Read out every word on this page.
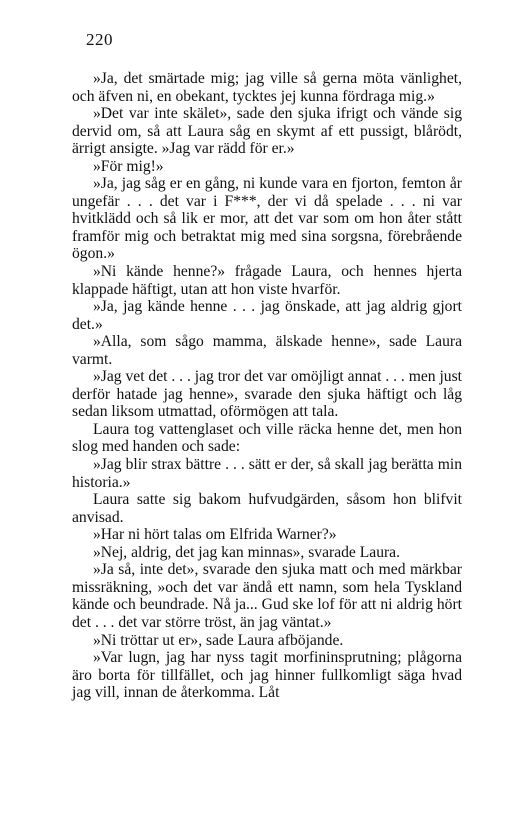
220

»Ja, det smärtade mig; jag ville så gerna möta vänlighet, och äfven ni, en obekant, tycktes jej kunna fördraga mig.»

»Det var inte skälet», sade den sjuka ifrigt och vände sig dervid om, så att Laura såg en skymt af ett pussigt, blårödt, ärrigt ansigte. »Jag var rädd för er.»

»För mig!»

»Ja, jag såg er en gång, ni kunde vara en fjorton, femton år ungefär . . . det var i F***, der vi då spelade . . . ni var hvitklädd och så lik er mor, att det var som om hon åter stått framför mig och betraktat mig med sina sorgsna, förebrående ögon.»

»Ni kände henne?» frågade Laura, och hennes hjerta klappade häftigt, utan att hon viste hvarför.

»Ja, jag kände henne . . . jag önskade, att jag aldrig gjort det.»

»Alla, som sågo mamma, älskade henne», sade Laura varmt.

»Jag vet det . . . jag tror det var omöjligt annat . . . men just derför hatade jag henne», svarade den sjuka häftigt och låg sedan liksom utmattad, oförmögen att tala.

Laura tog vattenglaset och ville räcka henne det, men hon slog med handen och sade:

»Jag blir strax bättre . . . sätt er der, så skall jag berätta min historia.»

Laura satte sig bakom hufvudgärden, såsom hon blifvit anvisad.

»Har ni hört talas om Elfrida Warner?»

»Nej, aldrig, det jag kan minnas», svarade Laura.

»Ja så, inte det», svarade den sjuka matt och med märkbar missräkning, »och det var ändå ett namn, som hela Tyskland kände och beundrade. Nå ja... Gud ske lof för att ni aldrig hört det . . . det var större tröst, än jag väntat.»

»Ni tröttar ut er», sade Laura afböjande.

»Var lugn, jag har nyss tagit morfininsprutning; plågorna äro borta för tillfället, och jag hinner fullkomligt säga hvad jag vill, innan de återkomma. Låt
